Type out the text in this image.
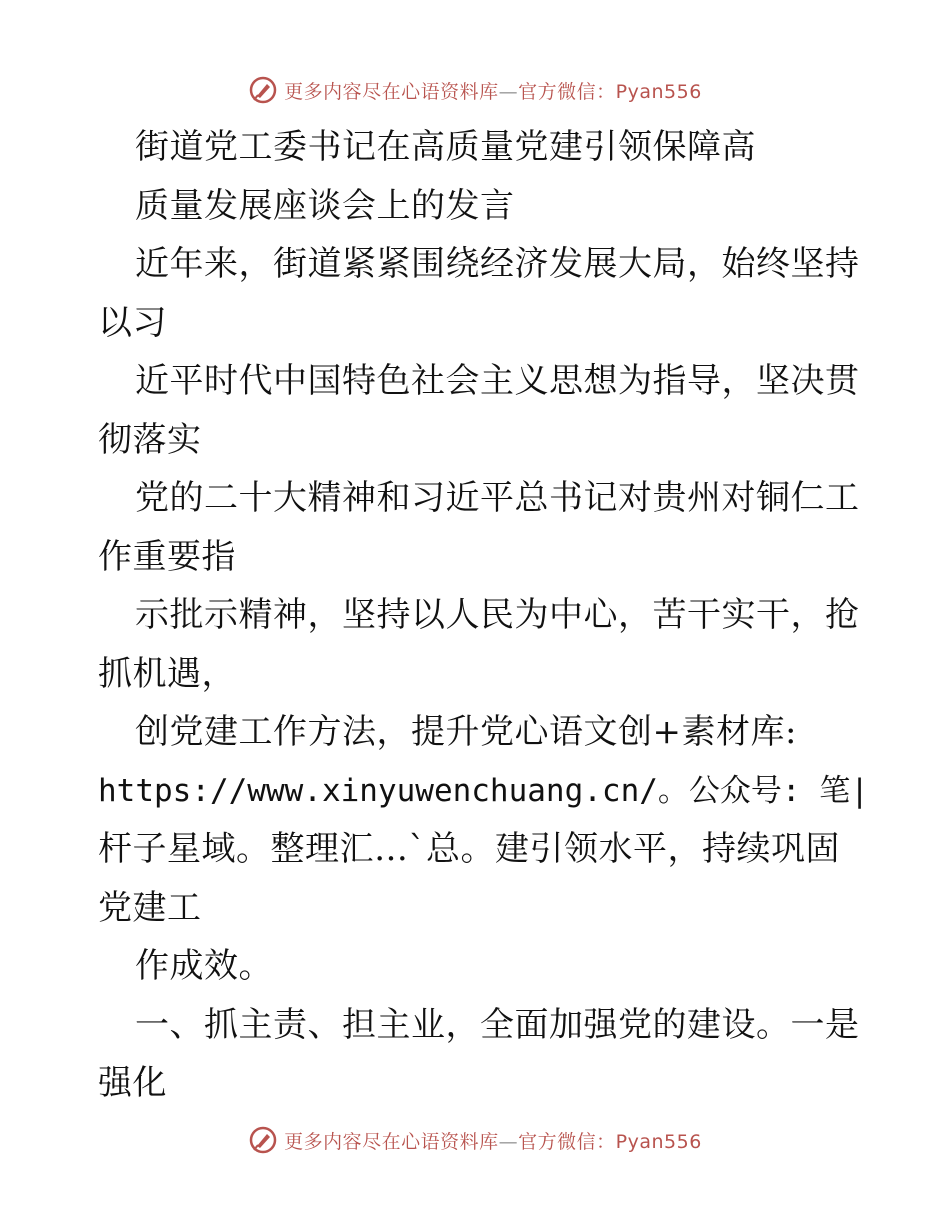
更多内容尽在心语资料库—官方微信：Pyan556
街道党工委书记在高质量党建引领保障高
质量发展座谈会上的发言
近年来，街道紧紧围绕经济发展大局，始终坚持
以习
近平时代中国特色社会主义思想为指导，坚决贯
彻落实
党的二十大精神和习近平总书记对贵州对铜仁工
作重要指
示批示精神，坚持以人民为中心，苦干实干，抢
抓机遇，
创党建工作方法，提升党心语文创+素材库:
https://www.xinyuwenchuang.cn/。公众号: 笔|
杆子星域。整理汇…`总。建引领水平，持续巩固
党建工
作成效。
一、抓主责、担主业，全面加强党的建设。一是
强化
更多内容尽在心语资料库—官方微信：Pyan556
